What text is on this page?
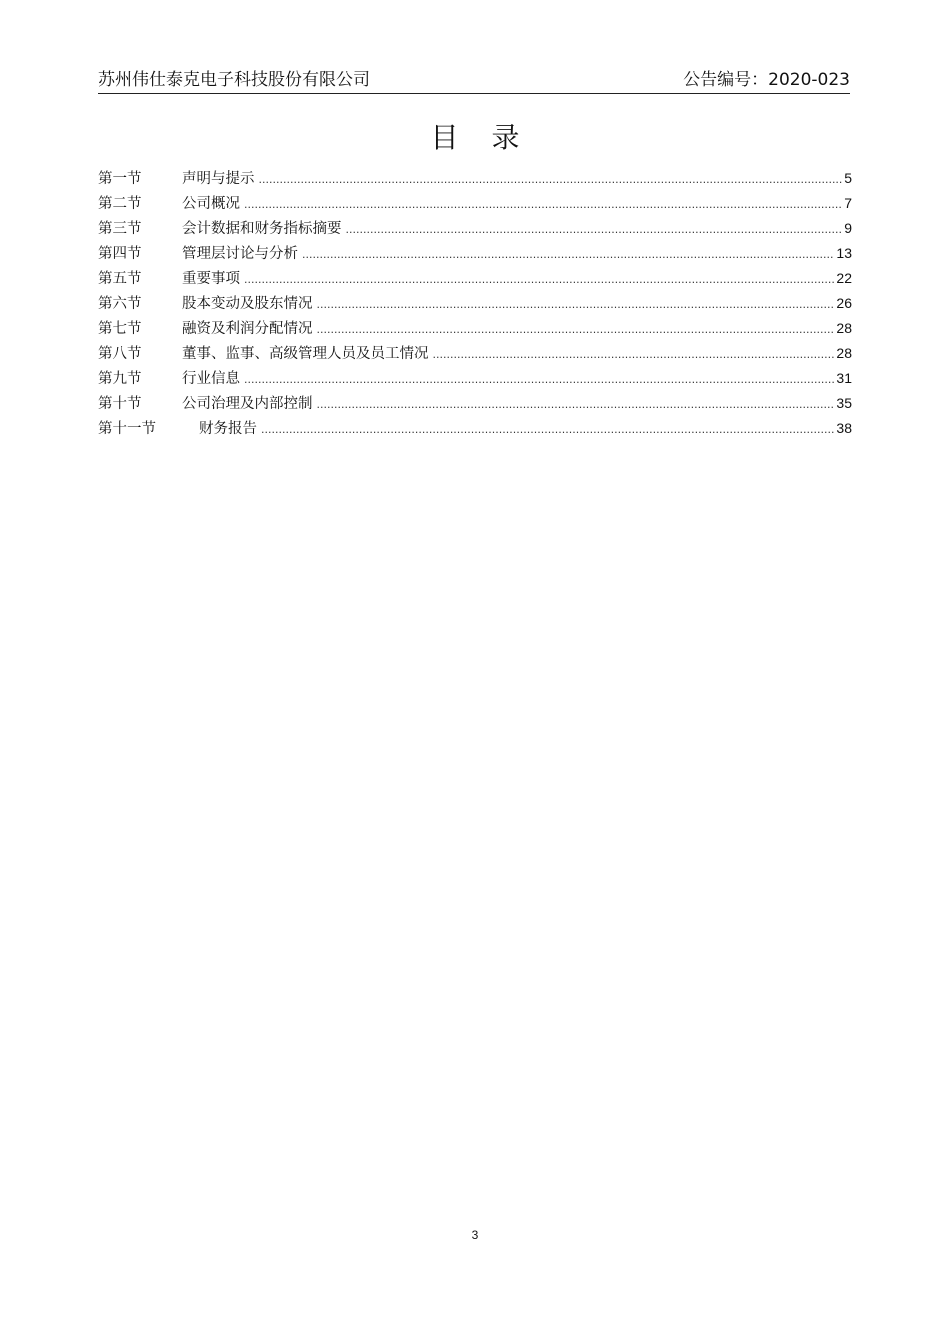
苏州伟仕泰克电子科技股份有限公司	公告编号：2020-023
目 录
第一节	声明与提示 .....	5
第二节	公司概况 .....	7
第三节	会计数据和财务指标摘要 .....	9
第四节	管理层讨论与分析 .....	13
第五节	重要事项 .....	22
第六节	股本变动及股东情况 .....	26
第七节	融资及利润分配情况 .....	28
第八节	董事、监事、高级管理人员及员工情况 .....	28
第九节	行业信息 .....	31
第十节	公司治理及内部控制 .....	35
第十一节	财务报告 .....	38
3
